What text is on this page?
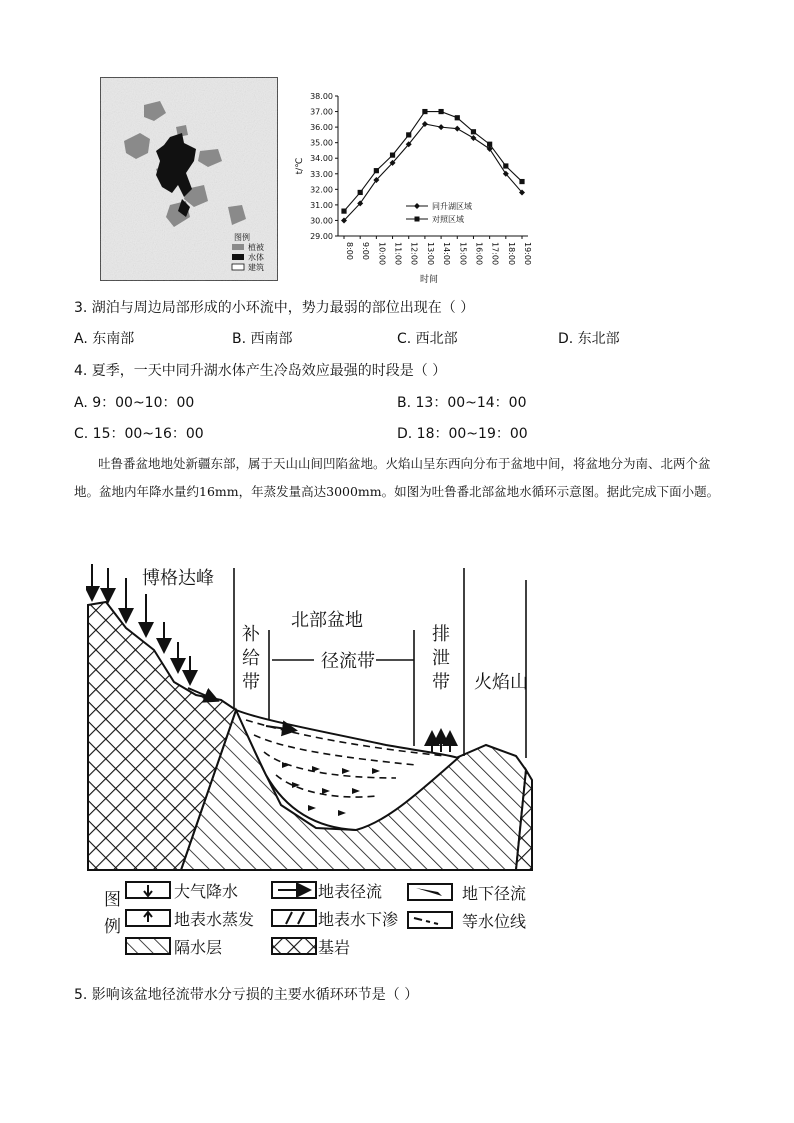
图例
植被
水体
建筑
29.00
30.00
31.00
32.00
33.00
34.00
35.00
36.00
37.00
38.00
t/℃
8:00 9:00 10:00 11:00 12:00 13:00 14:00 15:00 16:00 17:00 18:00 19:00
时间
同升湖区域
对照区域
3. 湖泊与周边局部形成的小环流中，势力最弱的部位出现在（ ）
A. 东南部	B. 西南部	C. 西北部	D. 东北部
4. 夏季，一天中同升湖水体产生冷岛效应最强的时段是（ ）
A. 9：00~10：00	B. 13：00~14：00
C. 15：00~16：00	D. 18：00~19：00
吐鲁番盆地地处新疆东部，属于天山山间凹陷盆地。火焰山呈东西向分布于盆地中间，将盆地分为南、北两个盆地。盆地内年降水量约16mm，年蒸发量高达3000mm。如图为吐鲁番北部盆地水循环示意图。据此完成下面小题。
博格达峰
北部盆地
径流带
火焰山
补
给
带
排
泄
带
图
例
大气降水	地表径流	地下径流
地表水蒸发	地表水下渗	等水位线
隔水层	基岩
5. 影响该盆地径流带水分亏损的主要水循环环节是（ ）
